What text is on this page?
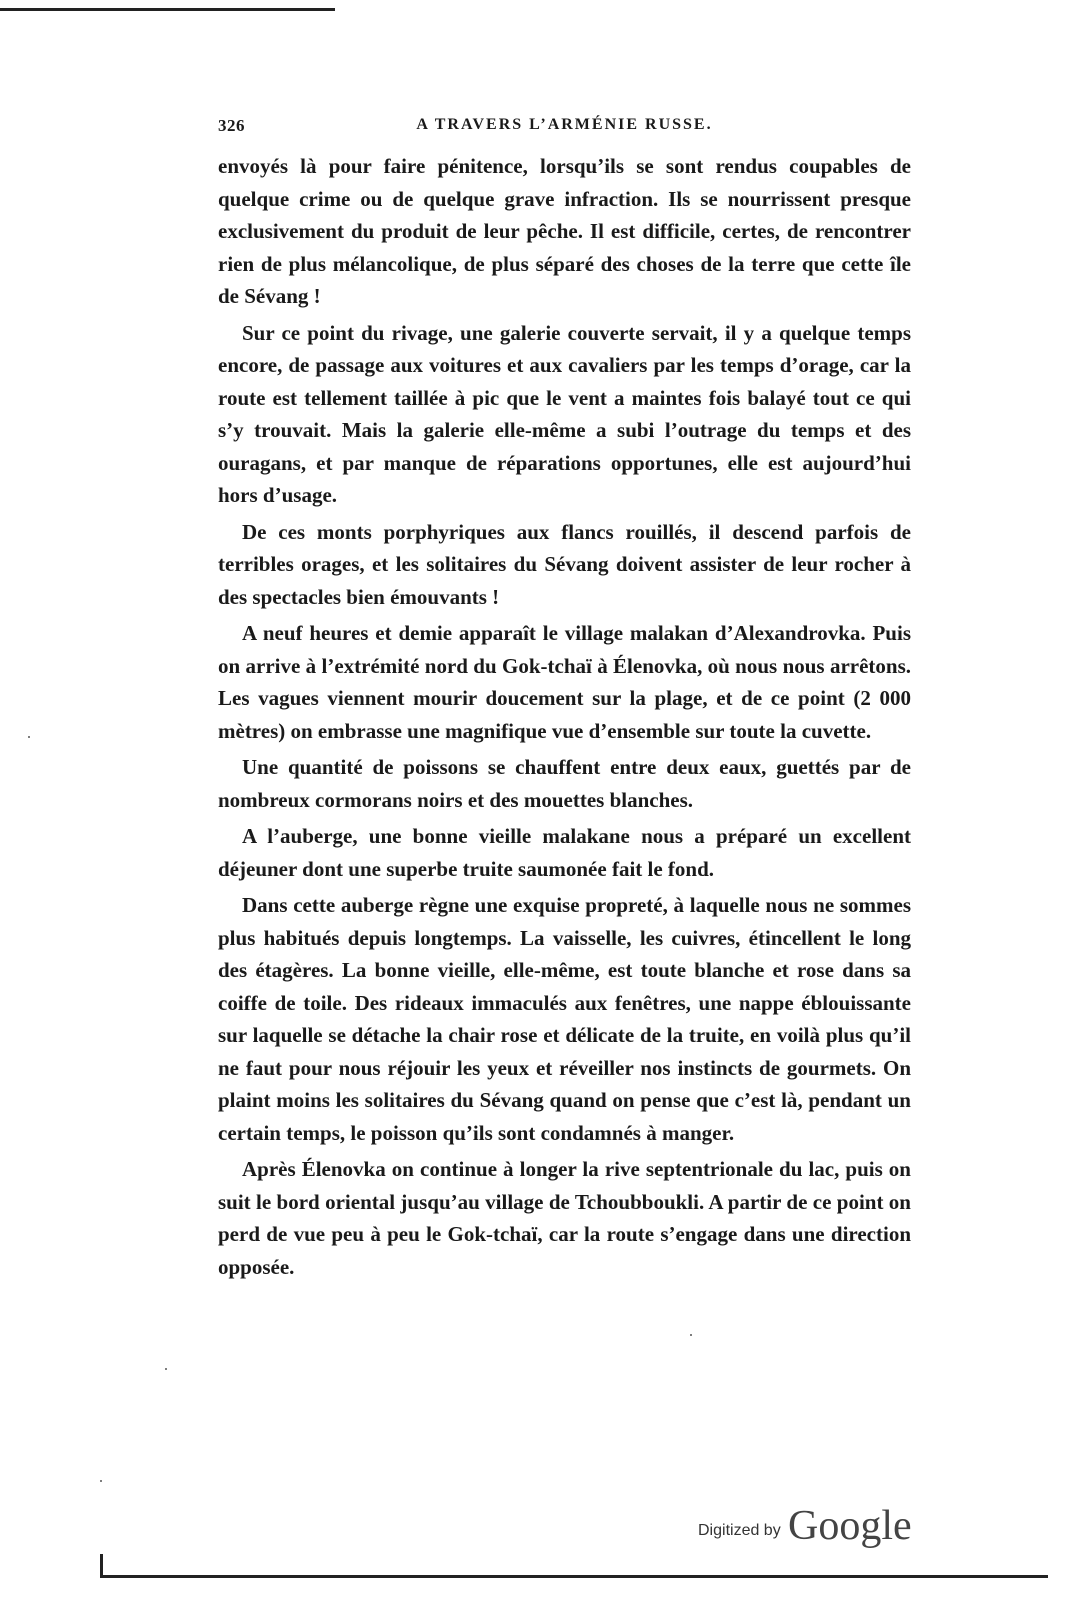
326	A TRAVERS L’ARMÉNIE RUSSE.

envoyés là pour faire pénitence, lorsqu’ils se sont rendus coupables de quelque crime ou de quelque grave infraction. Ils se nourrissent presque exclusivement du produit de leur pêche. Il est difficile, certes, de rencontrer rien de plus mélancolique, de plus séparé des choses de la terre que cette île de Sévang !

Sur ce point du rivage, une galerie couverte servait, il y a quelque temps encore, de passage aux voitures et aux cavaliers par les temps d’orage, car la route est tellement taillée à pic que le vent a maintes fois balayé tout ce qui s’y trouvait. Mais la galerie elle-même a subi l’outrage du temps et des ouragans, et par manque de réparations opportunes, elle est aujourd’hui hors d’usage.

De ces monts porphyriques aux flancs rouillés, il descend parfois de terribles orages, et les solitaires du Sévang doivent assister de leur rocher à des spectacles bien émouvants !

A neuf heures et demie apparaît le village malakan d’Alexandrovka. Puis on arrive à l’extrémité nord du Gok-tchaï à Élenovka, où nous nous arrêtons. Les vagues viennent mourir doucement sur la plage, et de ce point (2 000 mètres) on embrasse une magnifique vue d’ensemble sur toute la cuvette.

Une quantité de poissons se chauffent entre deux eaux, guettés par de nombreux cormorans noirs et des mouettes blanches.

A l’auberge, une bonne vieille malakane nous a préparé un excellent déjeuner dont une superbe truite saumonée fait le fond.

Dans cette auberge règne une exquise propreté, à laquelle nous ne sommes plus habitués depuis longtemps. La vaisselle, les cuivres, étincellent le long des étagères. La bonne vieille, elle-même, est toute blanche et rose dans sa coiffe de toile. Des rideaux immaculés aux fenêtres, une nappe éblouissante sur laquelle se détache la chair rose et délicate de la truite, en voilà plus qu’il ne faut pour nous réjouir les yeux et réveiller nos instincts de gourmets. On plaint moins les solitaires du Sévang quand on pense que c’est là, pendant un certain temps, le poisson qu’ils sont condamnés à manger.

Après Élenovka on continue à longer la rive septentrionale du lac, puis on suit le bord oriental jusqu’au village de Tchoubboukli. A partir de ce point on perd de vue peu à peu le Gok-tchaï, car la route s’engage dans une direction opposée.

Digitized by Google
